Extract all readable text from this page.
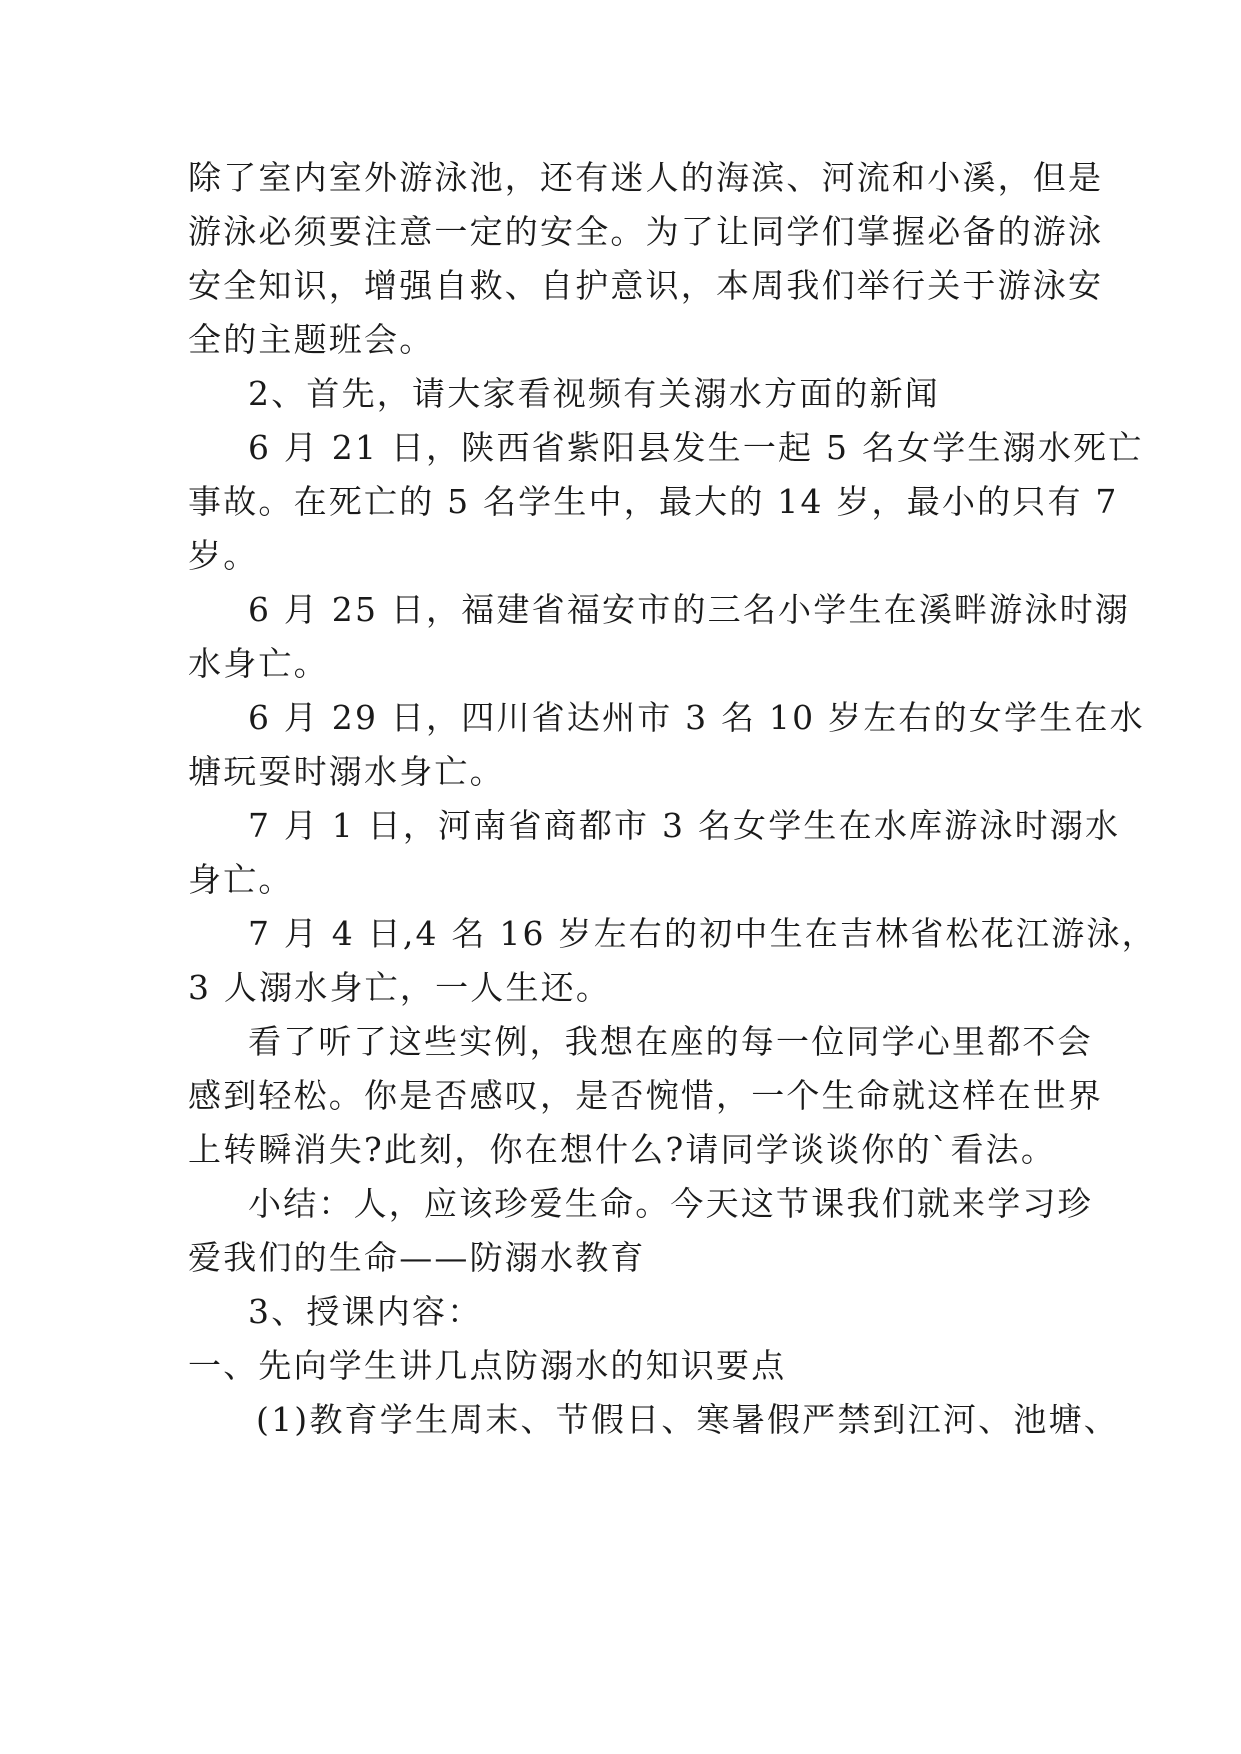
除了室内室外游泳池，还有迷人的海滨、河流和小溪，但是
游泳必须要注意一定的安全。为了让同学们掌握必备的游泳
安全知识，增强自救、自护意识，本周我们举行关于游泳安
全的主题班会。
2、首先，请大家看视频有关溺水方面的新闻
6 月 21 日，陕西省紫阳县发生一起 5 名女学生溺水死亡
事故。在死亡的 5 名学生中，最大的 14 岁，最小的只有 7
岁。
6 月 25 日，福建省福安市的三名小学生在溪畔游泳时溺
水身亡。
6 月 29 日，四川省达州市 3 名 10 岁左右的女学生在水
塘玩耍时溺水身亡。
7 月 1 日，河南省商都市 3 名女学生在水库游泳时溺水
身亡。
7 月 4 日,4 名 16 岁左右的初中生在吉林省松花江游泳，
3 人溺水身亡，一人生还。
看了听了这些实例，我想在座的每一位同学心里都不会
感到轻松。你是否感叹，是否惋惜，一个生命就这样在世界
上转瞬消失?此刻，你在想什么?请同学谈谈你的`看法。
小结：人，应该珍爱生命。今天这节课我们就来学习珍
爱我们的生命——防溺水教育
3、授课内容：
一、先向学生讲几点防溺水的知识要点
(1)教育学生周末、节假日、寒暑假严禁到江河、池塘、
